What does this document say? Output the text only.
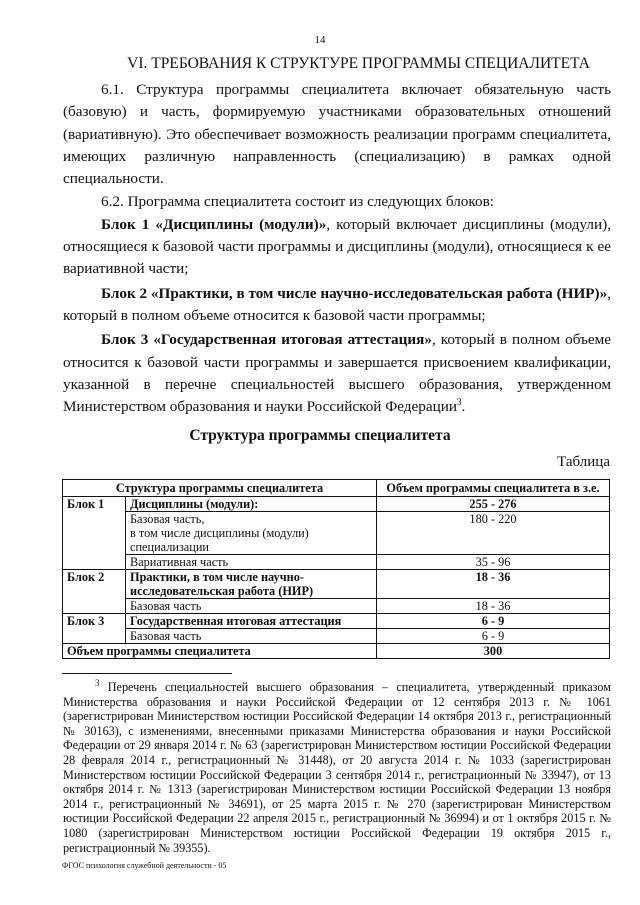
14
VI. ТРЕБОВАНИЯ К СТРУКТУРЕ ПРОГРАММЫ СПЕЦИАЛИТЕТА

6.1. Структура программы специалитета включает обязательную часть (базовую) и часть, формируемую участниками образовательных отношений (вариативную). Это обеспечивает возможность реализации программ специалитета, имеющих различную направленность (специализацию) в рамках одной специальности.

6.2. Программа специалитета состоит из следующих блоков:

Блок 1 «Дисциплины (модули)», который включает дисциплины (модули), относящиеся к базовой части программы и дисциплины (модули), относящиеся к ее вариативной части;

Блок 2 «Практики, в том числе научно-исследовательская работа (НИР)», который в полном объеме относится к базовой части программы;

Блок 3 «Государственная итоговая аттестация», который в полном объеме относится к базовой части программы и завершается присвоением квалификации, указанной в перечне специальностей высшего образования, утвержденном Министерством образования и науки Российской Федерации$^3$.

Структура программы специалитета
Таблица
Структура программы специалитета		Объем программы специалитета в з.е.
Блок 1	Дисциплины (модули):	255 - 276

	Базовая часть,
в том числе дисциплины (модули)
специализации	180 - 220
	Вариативная часть	35 - 96
Блок 2	Практики, в том числе научно-
исследовательская работа (НИР)	18 - 36
	Базовая часть	18 - 36
Блок 3	Государственная итоговая аттестация	6 - 9
	Базовая часть	6 - 9
Объем программы специалитета		300

$^3$ Перечень специальностей высшего образования – специалитета, утвержденный приказом Министерства образования и науки Российской Федерации от 12 сентября 2013 г. № 1061 (зарегистрирован Министерством юстиции Российской Федерации 14 октября 2013 г., регистрационный № 30163), с изменениями, внесенными приказами Министерства образования и науки Российской Федерации от 29 января 2014 г. № 63 (зарегистрирован Министерством юстиции Российской Федерации 28 февраля 2014 г., регистрационный № 31448), от 20 августа 2014 г. № 1033 (зарегистрирован Министерством юстиции Российской Федерации 3 сентября 2014 г., регистрационный № 33947), от 13 октября 2014 г. № 1313 (зарегистрирован Министерством юстиции Российской Федерации 13 ноября 2014 г., регистрационный № 34691), от 25 марта 2015 г. № 270 (зарегистрирован Министерством юстиции Российской Федерации 22 апреля 2015 г., регистрационный № 36994) и от 1 октября 2015 г. № 1080 (зарегистрирован Министерством юстиции Российской Федерации 19 октября 2015 г., регистрационный № 39355).

ФГОС психология служебной деятельности - 05
